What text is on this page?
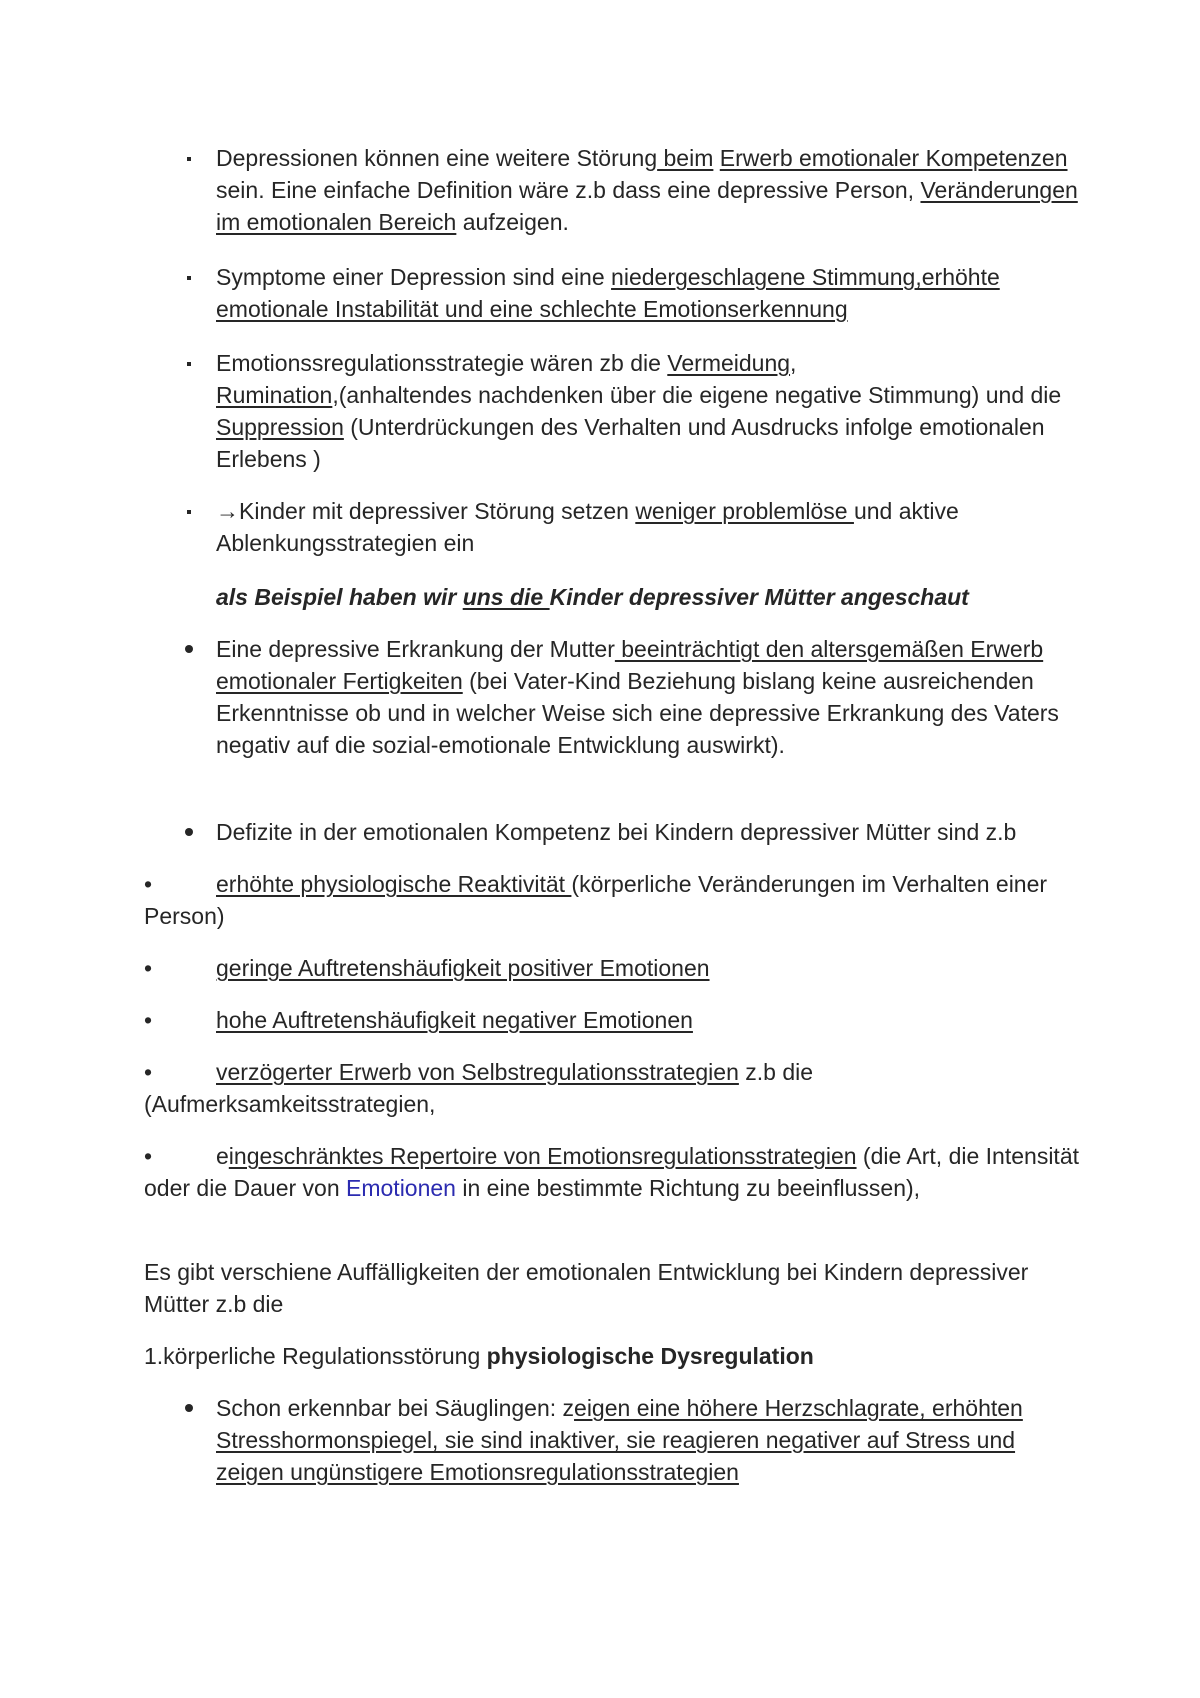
Depressionen können eine weitere Störung beim Erwerb emotionaler Kompetenzen sein. Eine einfache Definition wäre z.b dass eine depressive Person, Veränderungen im emotionalen Bereich aufzeigen.

Symptome einer Depression sind eine niedergeschlagene Stimmung,erhöhte emotionale Instabilität und eine schlechte Emotionserkennung

Emotionssregulationsstrategie wären zb die Vermeidung,
Rumination,(anhaltendes nachdenken über die eigene negative Stimmung) und die Suppression (Unterdrückungen des Verhalten und Ausdrucks infolge emotionalen Erlebens )

→Kinder mit depressiver Störung setzen weniger problemlöse und aktive Ablenkungsstrategien ein

als Beispiel haben wir uns die Kinder depressiver Mütter angeschaut

Eine depressive Erkrankung der Mutter beeinträchtigt den altersgemäßen Erwerb emotionaler Fertigkeiten (bei Vater-Kind Beziehung bislang keine ausreichenden Erkenntnisse ob und in welcher Weise sich eine depressive Erkrankung des Vaters negativ auf die sozial-emotionale Entwicklung auswirkt).

Defizite in der emotionalen Kompetenz bei Kindern depressiver Mütter sind z.b

•	erhöhte physiologische Reaktivität (körperliche Veränderungen im Verhalten einer Person)

•	geringe Auftretenshäufigkeit positiver Emotionen

•	hohe Auftretenshäufigkeit negativer Emotionen

•	verzögerter Erwerb von Selbstregulationsstrategien z.b die (Aufmerksamkeitsstrategien,

•	eingeschränktes Repertoire von Emotionsregulationsstrategien (die Art, die Intensität oder die Dauer von Emotionen in eine bestimmte Richtung zu beeinflussen),

Es gibt verschiene Auffälligkeiten der emotionalen Entwicklung bei Kindern depressiver Mütter z.b die

1.körperliche Regulationsstörung physiologische Dysregulation

Schon erkennbar bei Säuglingen: zeigen eine höhere Herzschlagrate, erhöhten Stresshormonspiegel, sie sind inaktiver, sie reagieren negativer auf Stress und zeigen ungünstigere Emotionsregulationsstrategien
